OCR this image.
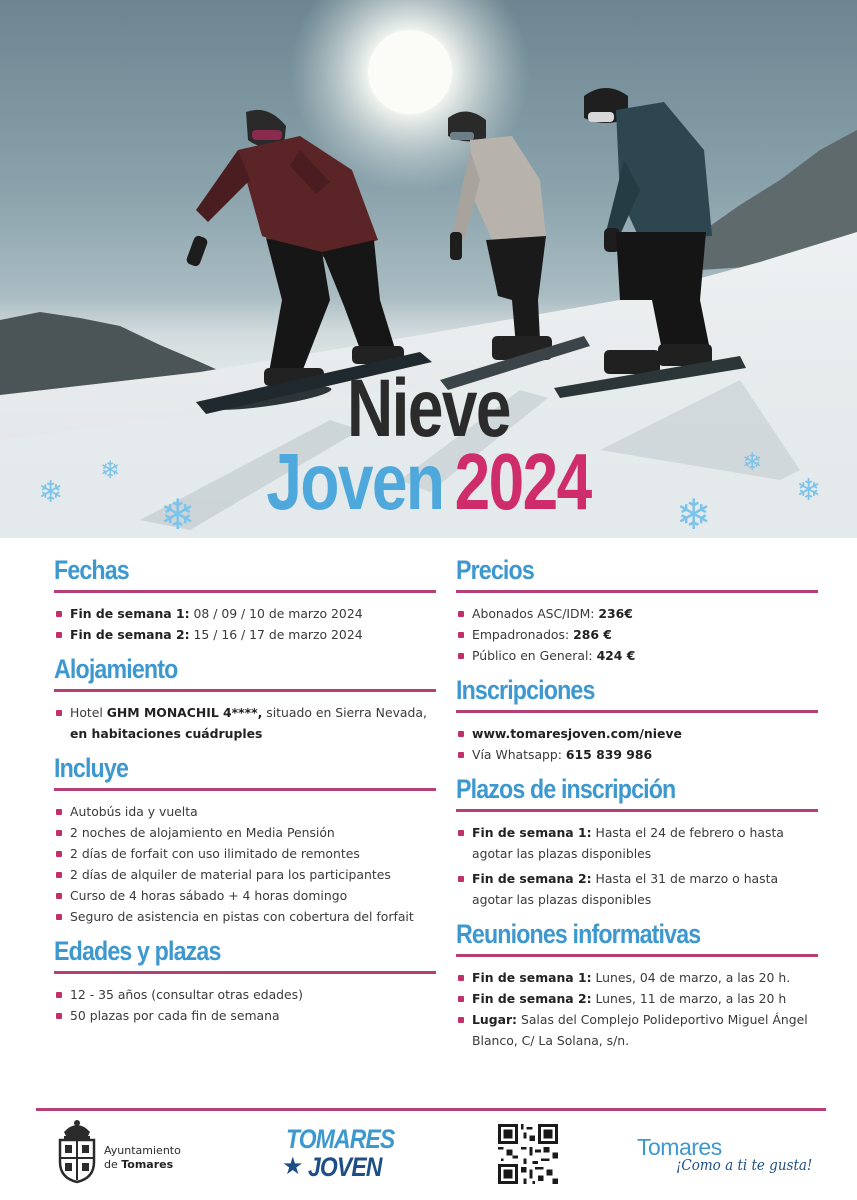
Nieve
Joven 2024
❄
❄
❄
❄
❄
❄
Fechas
Fin de semana 1: 08 / 09 / 10 de marzo 2024
Fin de semana 2: 15 / 16 / 17 de marzo 2024
Alojamiento
Hotel GHM MONACHIL 4****, situado en Sierra Nevada, en habitaciones cuádruples
Incluye
Autobús ida y vuelta
2 noches de alojamiento en Media Pensión
2 días de forfait con uso ilimitado de remontes
2 días de alquiler de material para los participantes
Curso de 4 horas sábado + 4 horas domingo
Seguro de asistencia en pistas con cobertura del forfait
Edades y plazas
12 - 35 años (consultar otras edades)
50 plazas por cada fin de semana
Precios
Abonados ASC/IDM: 236€
Empadronados: 286 €
Público en General: 424 €
Inscripciones
www.tomaresjoven.com/nieve
Vía Whatsapp: 615 839 986
Plazos de inscripción
Fin de semana 1: Hasta el 24 de febrero o hasta agotar las plazas disponibles
Fin de semana 2: Hasta el 31 de marzo o hasta agotar las plazas disponibles
Reuniones informativas
Fin de semana 1: Lunes, 04 de marzo, a las 20 h.
Fin de semana 2: Lunes, 11 de marzo, a las 20 h
Lugar: Salas del Complejo Polideportivo Miguel Ángel Blanco, C/ La Solana, s/n.
Ayuntamiento
de Tomares
TOMARES
★ JOVEN
Tomares
¡Como a ti te gusta!
